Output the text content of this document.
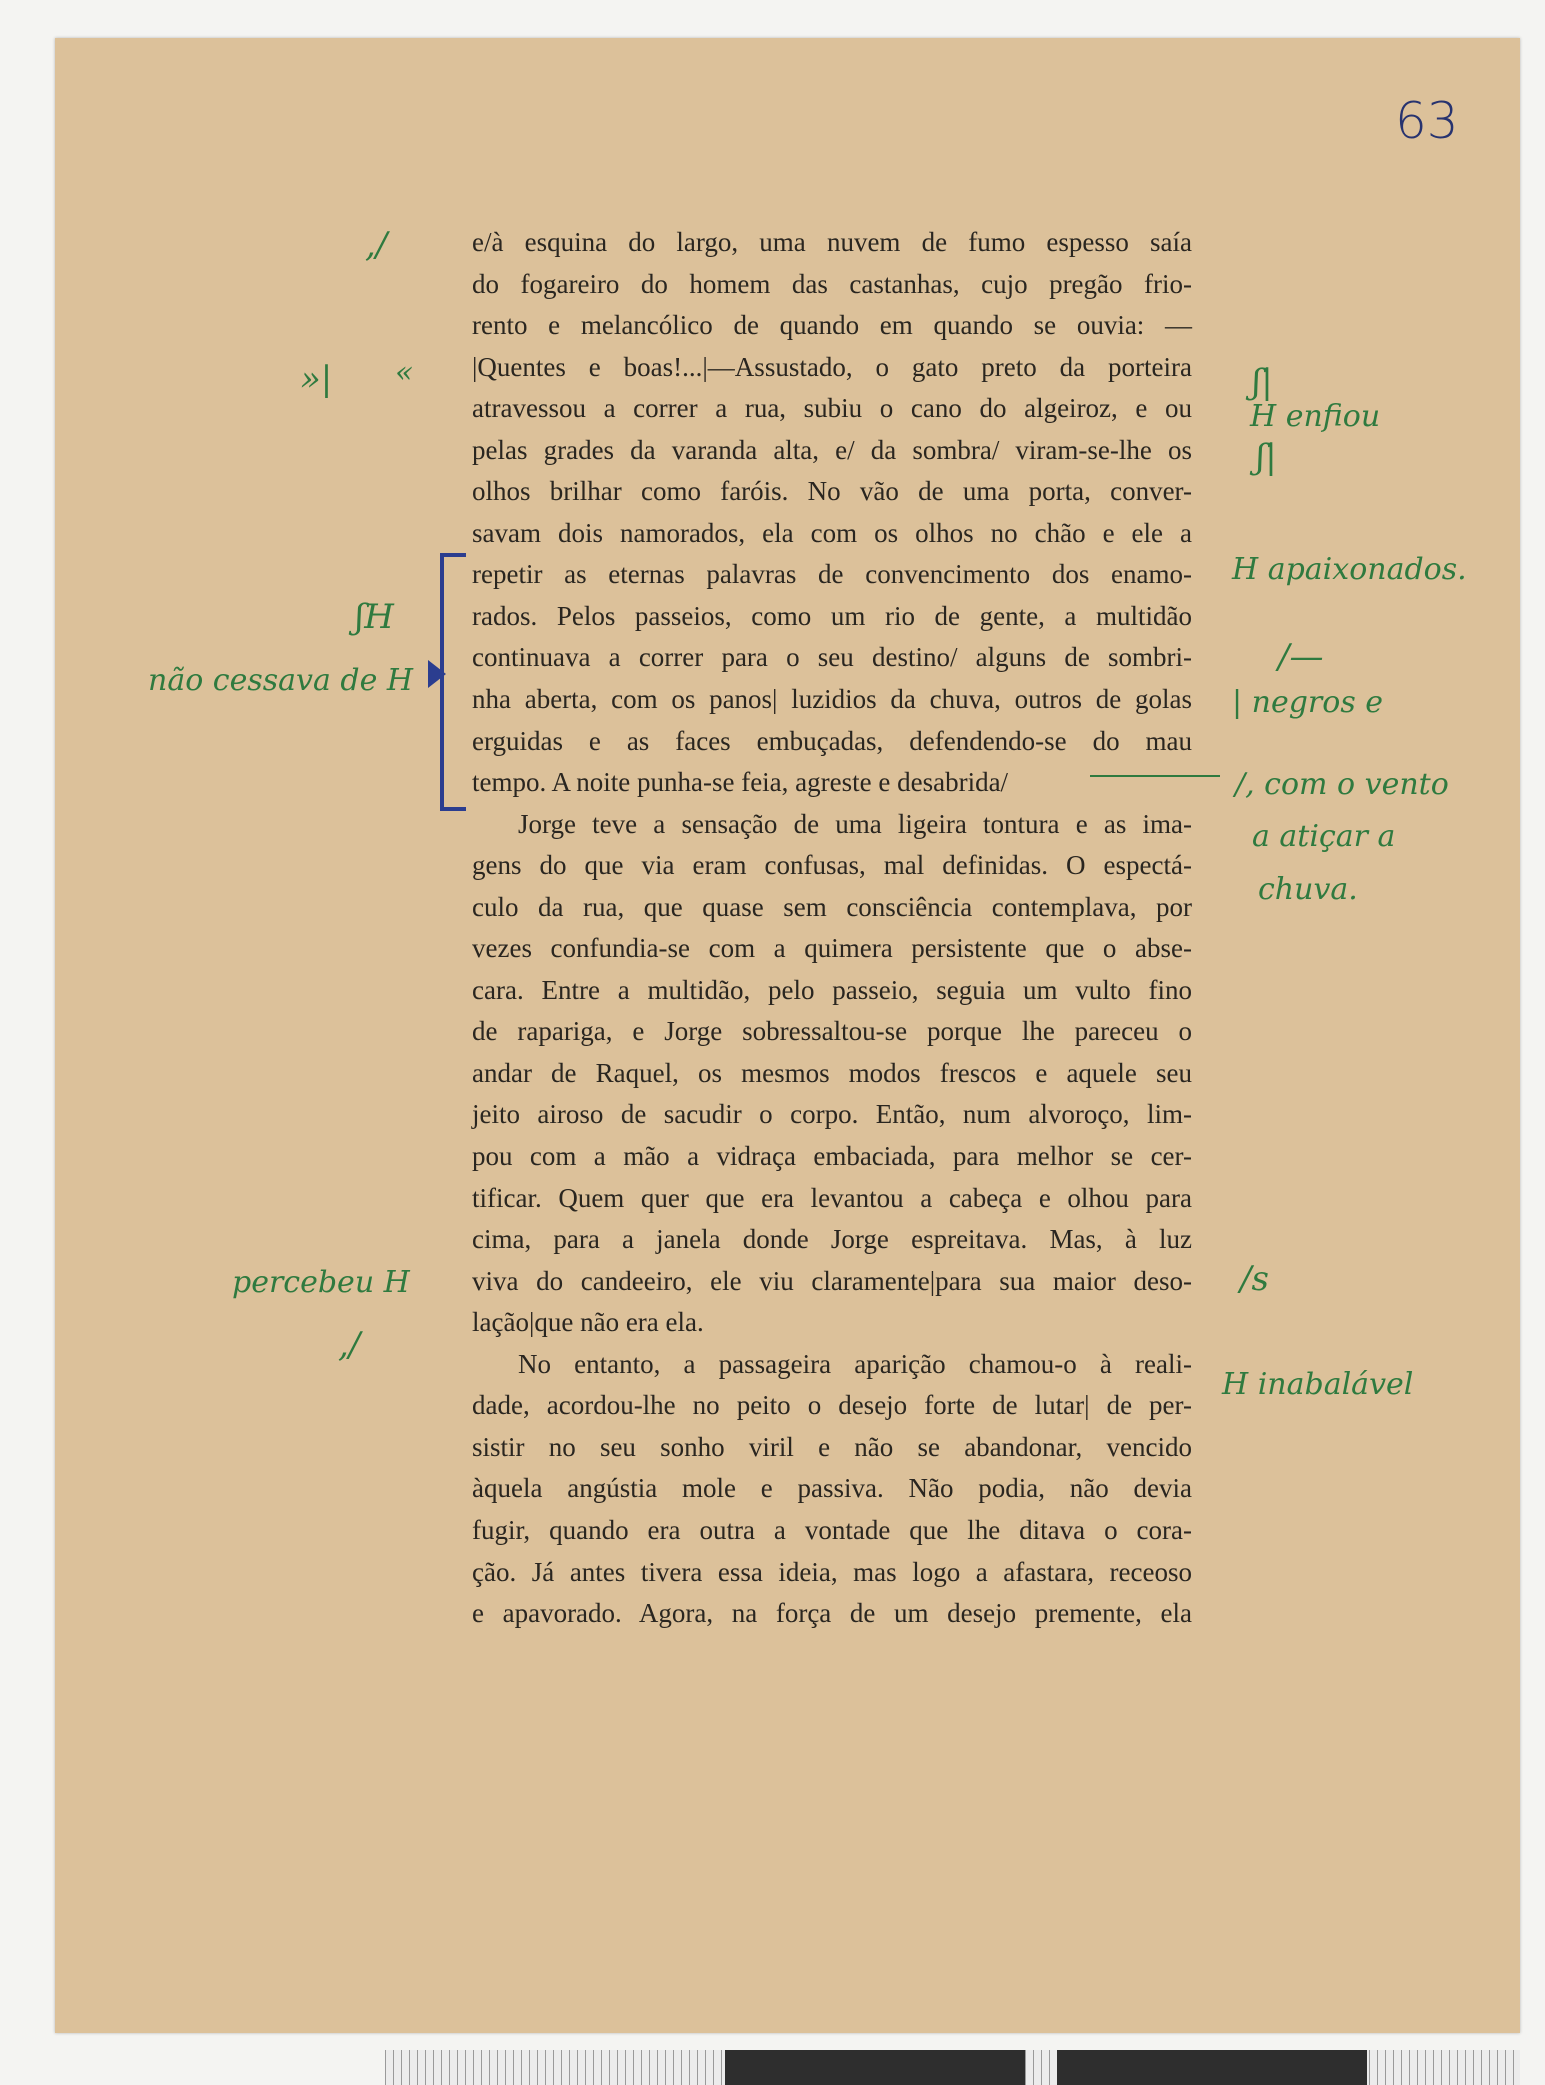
63
e/à esquina do largo, uma nuvem de fumo espesso saía
do fogareiro do homem das castanhas, cujo pregão frio-
rento e melancólico de quando em quando se ouvia: —
|Quentes e boas!...|—Assustado, o gato preto da porteira
atravessou a correr a rua, subiu o cano do algeiroz, e ou
pelas grades da varanda alta, e/ da sombra/ viram-se-lhe os
olhos brilhar como faróis. No vão de uma porta, conver-
savam dois namorados, ela com os olhos no chão e ele a
repetir as eternas palavras de convencimento dos enamo-
rados. Pelos passeios, como um rio de gente, a multidão
continuava a correr para o seu destino/ alguns de sombri-
nha aberta, com os panos| luzidios da chuva, outros de golas
erguidas e as faces embuçadas, defendendo-se do mau
tempo. A noite punha-se feia, agreste e desabrida/
Jorge teve a sensação de uma ligeira tontura e as ima-
gens do que via eram confusas, mal definidas. O espectá-
culo da rua, que quase sem consciência contemplava, por
vezes confundia-se com a quimera persistente que o abse-
cara. Entre a multidão, pelo passeio, seguia um vulto fino
de rapariga, e Jorge sobressaltou-se porque lhe pareceu o
andar de Raquel, os mesmos modos frescos e aquele seu
jeito airoso de sacudir o corpo. Então, num alvoroço, lim-
pou com a mão a vidraça embaciada, para melhor se cer-
tificar. Quem quer que era levantou a cabeça e olhou para
cima, para a janela donde Jorge espreitava. Mas, à luz
viva do candeeiro, ele viu claramente|para sua maior deso-
lação|que não era ela.
No entanto, a passageira aparição chamou-o à reali-
dade, acordou-lhe no peito o desejo forte de lutar| de per-
sistir no seu sonho viril e não se abandonar, vencido
àquela angústia mole e passiva. Não podia, não devia
fugir, quando era outra a vontade que lhe ditava o cora-
ção. Já antes tivera essa ideia, mas logo a afastara, receoso
e apavorado. Agora, na força de um desejo premente, ela
,/
»| «
ʃH
não cessava de H
percebeu H
,/
ʃ|
H enfiou
ʃ|
H apaixonados.
/—
| negros e
/, com o vento
a atiçar a
chuva.
/s
H inabalável
